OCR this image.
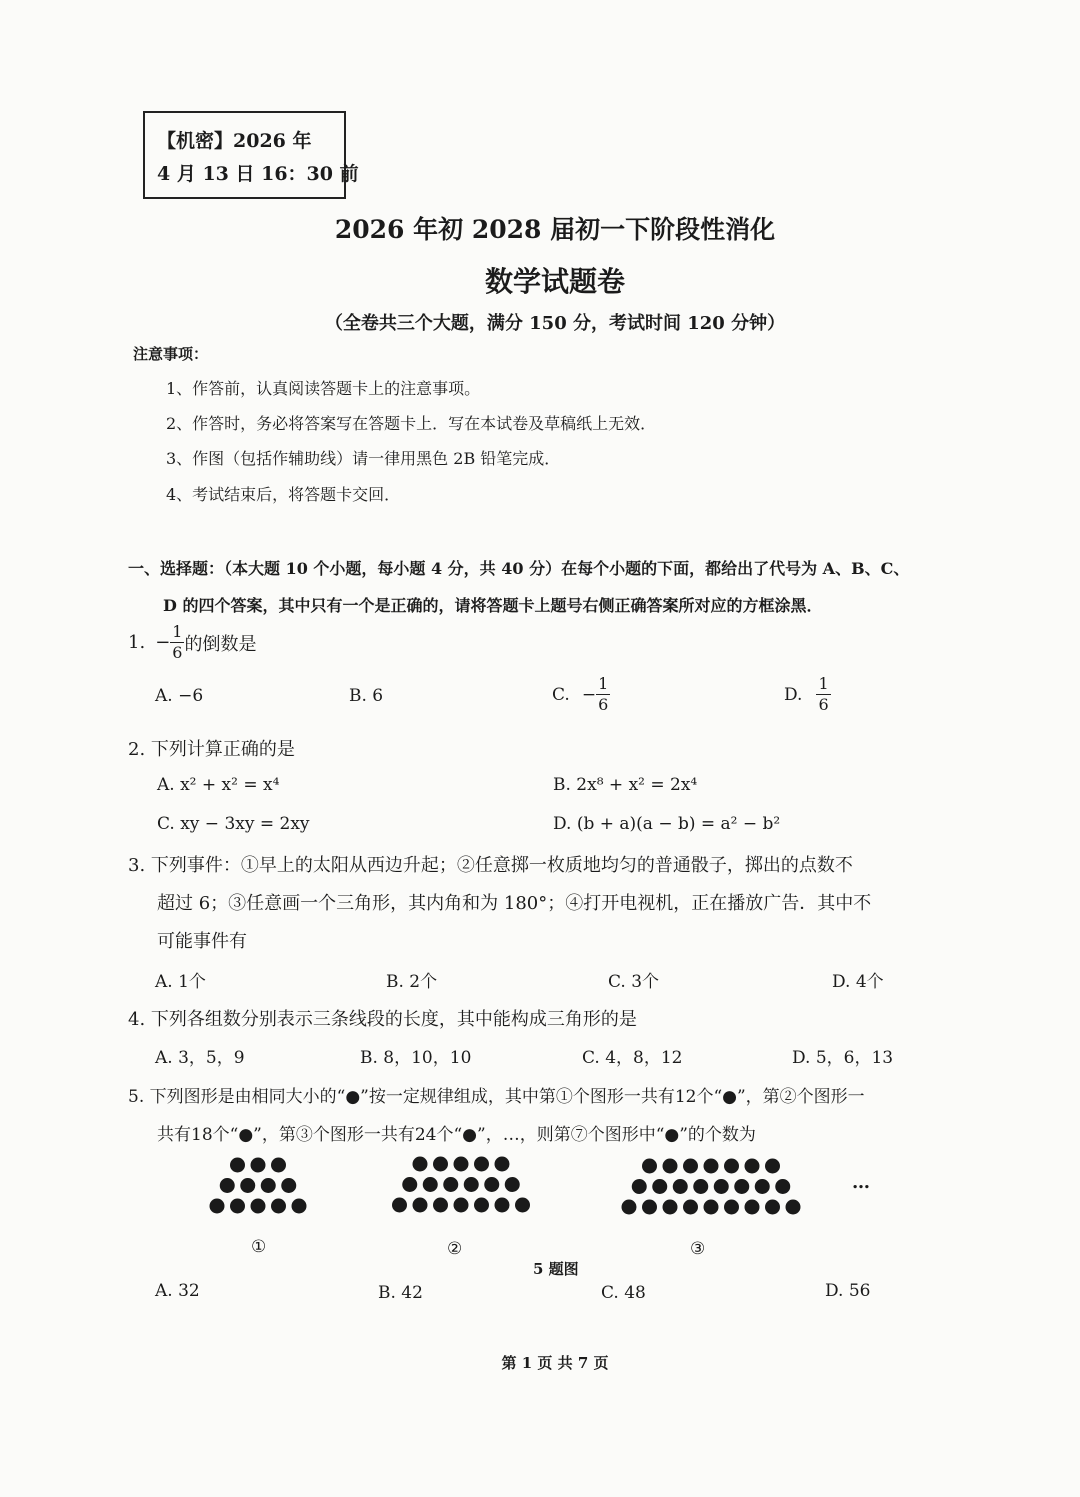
【机密】2026 年
4 月 13 日 16：30 前
2026 年初 2028 届初一下阶段性消化
数学试题卷
（全卷共三个大题，满分 150 分，考试时间 120 分钟）
注意事项：
1、作答前，认真阅读答题卡上的注意事项。
2、作答时，务必将答案写在答题卡上．写在本试卷及草稿纸上无效．
3、作图（包括作辅助线）请一律用黑色 2B 铅笔完成．
4、考试结束后，将答题卡交回．
一、选择题：（本大题 10 个小题，每小题 4 分，共 40 分）在每个小题的下面，都给出了代号为 A、B、C、
D 的四个答案，其中只有一个是正确的，请将答题卡上题号右侧正确答案所对应的方框涂黑．
1. − $\frac{1}{6}$ 的倒数是
A. −6	B. 6	C. − $\frac{1}{6}$	D. $\frac{1}{6}$
2. 下列计算正确的是
A. x² + x² = x⁴	B. 2x⁸ + x² = 2x⁴
C. xy − 3xy = 2xy	D. (b + a)(a − b) = a² − b²
3. 下列事件：①早上的太阳从西边升起；②任意掷一枚质地均匀的普通骰子，掷出的点数不
超过 6；③任意画一个三角形，其内角和为 180°；④打开电视机，正在播放广告．其中不
可能事件有
A. 1个	B. 2个	C. 3个	D. 4个
4. 下列各组数分别表示三条线段的长度，其中能构成三角形的是
A. 3，5，9	B. 8，10，10	C. 4，8，12	D. 5，6，13
5. 下列图形是由相同大小的“●”按一定规律组成，其中第①个图形一共有12个“●”，第②个图形一
共有18个“●”，第③个图形一共有24个“●”，…，则第⑦个图形中“●”的个数为
…
①	②	③
5 题图
A. 32	B. 42	C. 48	D. 56
第 1 页 共 7 页
